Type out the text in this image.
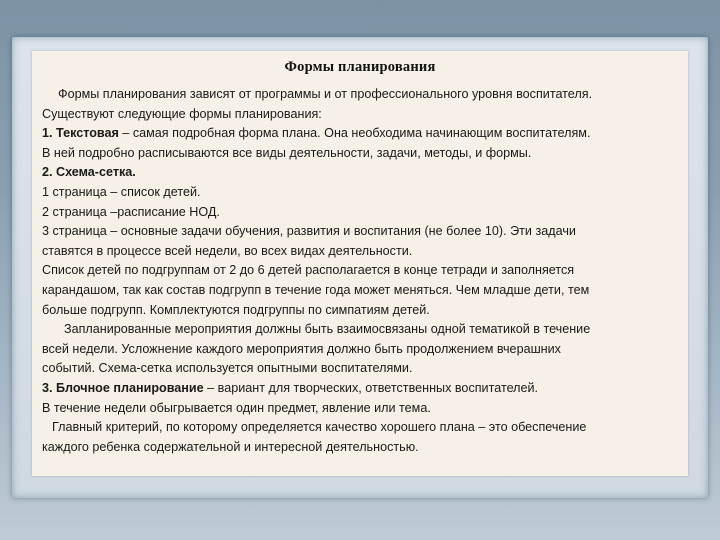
Формы планирования
Формы планирования зависят от программы и от профессионального уровня воспитателя.
Существуют следующие формы планирования:
1. Текстовая – самая подробная форма плана. Она необходима начинающим воспитателям.
В ней подробно расписываются все виды деятельности, задачи, методы, и формы.
2. Схема-сетка.
1 страница – список детей.
2 страница –расписание НОД.
3 страница – основные задачи обучения, развития и воспитания (не более 10). Эти задачи
ставятся в процессе всей недели, во всех видах деятельности.
Список детей по подгруппам от 2 до 6 детей располагается в конце тетради и заполняется
карандашом, так как состав подгрупп в течение года может меняться. Чем младше дети, тем
больше подгрупп. Комплектуются подгруппы по симпатиям детей.
Запланированные мероприятия должны быть взаимосвязаны одной тематикой в течение
всей недели. Усложнение каждого мероприятия должно быть продолжением вчерашних
событий. Схема-сетка используется опытными воспитателями.
3. Блочное планирование – вариант для творческих, ответственных воспитателей.
В течение недели обыгрывается один предмет, явление или тема.
Главный критерий, по которому определяется качество хорошего плана – это обеспечение
каждого ребенка содержательной и интересной деятельностью.
